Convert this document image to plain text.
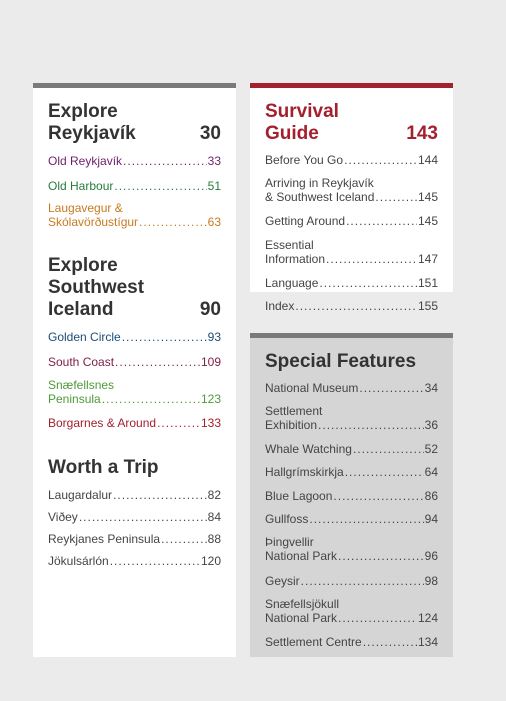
Explore
Reykjavík	30
Old Reykjavík .....	33
Old Harbour .....	51
Laugavegur &
Skólavörðustígur .....	63
Explore
Southwest
Iceland	90
Golden Circle .....	93
South Coast .....	109
Snæfellsnes
Peninsula .....	123
Borgarnes & Around .....	133
Worth a Trip
Laugardalur .....	82
Viðey .....	84
Reykjanes Peninsula .....	88
Jökulsárlón .....	120
Survival
Guide	143
Before You Go .....	144
Arriving in Reykjavík
& Southwest Iceland .....	145
Getting Around .....	145
Essential
Information .....	147
Language .....	151
Index .....	155
Special Features
National Museum .....	34
Settlement
Exhibition .....	36
Whale Watching .....	52
Hallgrímskirkja .....	64
Blue Lagoon .....	86
Gullfoss .....	94
Þingvellir
National Park .....	96
Geysir .....	98
Snæfellsjökull
National Park .....	124
Settlement Centre .....	134
